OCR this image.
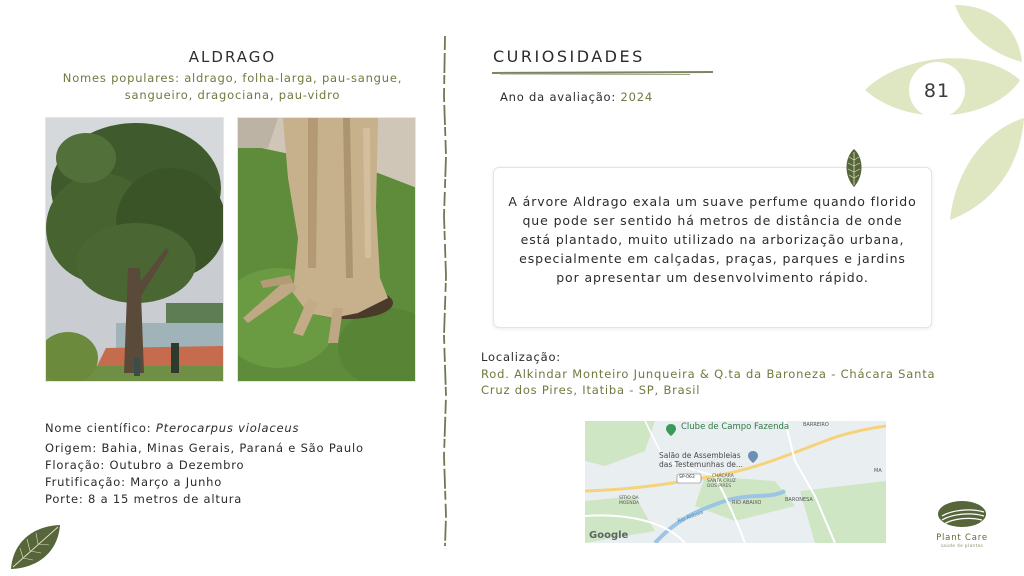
ALDRAGO
Nomes populares: aldrago, folha-larga, pau-sangue, sangueiro, dragociana, pau-vidro
Nome científico: Pterocarpus violaceus
Origem: Bahia, Minas Gerais, Paraná e São Paulo
Floração: Outubro a Dezembro
Frutificação: Março a Junho
Porte: 8 a 15 metros de altura
CURIOSIDADES
Ano da avaliação: 2024
A árvore Aldrago exala um suave perfume quando florido que pode ser sentido há metros de distância de onde está plantado, muito utilizado na arborização urbana, especialmente em calçadas, praças, parques e jardins por apresentar um desenvolvimento rápido.
Localização:
Rod. Alkindar Monteiro Junqueira & Q.ta da Baroneza - Chácara Santa Cruz dos Pires, Itatiba - SP, Brasil
Clube de Campo Fazenda
Salão de Assembleias
das Testemunhas de...
BARREIRO
CHÁCARA
SANTA CRUZ
DOS PIRES
SÍTIO DA
MOENDA	RIO ABAIXO	BARONESA
MA
SP-063
Rio Atibaia
Google
81
Plant Care
saúde de plantas
